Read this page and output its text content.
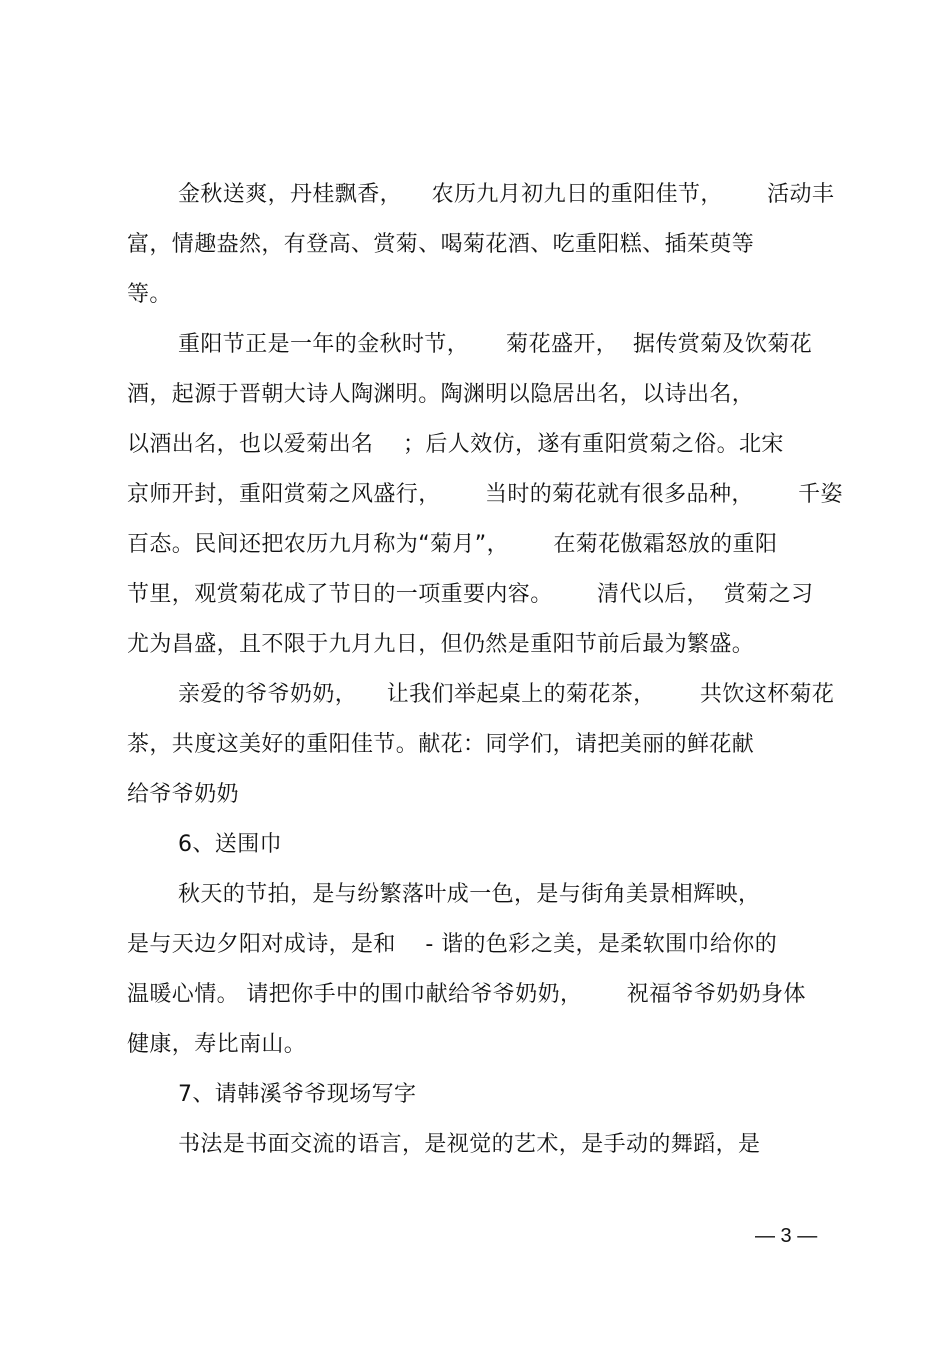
金秋送爽，丹桂飘香，    农历九月初九日的重阳佳节，      活动丰
富，情趣盎然，有登高、赏菊、喝菊花酒、吃重阳糕、插茱萸等
等。
重阳节正是一年的金秋时节，     菊花盛开，  据传赏菊及饮菊花
酒，起源于晋朝大诗人陶渊明。陶渊明以隐居出名，以诗出名，
以酒出名，也以爱菊出名    ；后人效仿，遂有重阳赏菊之俗。北宋
京师开封，重阳赏菊之风盛行，      当时的菊花就有很多品种，      千姿
百态。民间还把农历九月称为“菊月”，      在菊花傲霜怒放的重阳
节里，观赏菊花成了节日的一项重要内容。      清代以后，  赏菊之习
尤为昌盛，且不限于九月九日，但仍然是重阳节前后最为繁盛。
亲爱的爷爷奶奶，    让我们举起桌上的菊花茶，      共饮这杯菊花
茶，共度这美好的重阳佳节。献花：同学们，请把美丽的鲜花献
给爷爷奶奶
6、送围巾
秋天的节拍，是与纷繁落叶成一色，是与街角美景相辉映，
是与天边夕阳对成诗，是和    - 谐的色彩之美，是柔软围巾给你的
温暖心情。 请把你手中的围巾献给爷爷奶奶，      祝福爷爷奶奶身体
健康，寿比南山。
7、请韩溪爷爷现场写字
书法是书面交流的语言，是视觉的艺术，是手动的舞蹈，是
— 3 —
